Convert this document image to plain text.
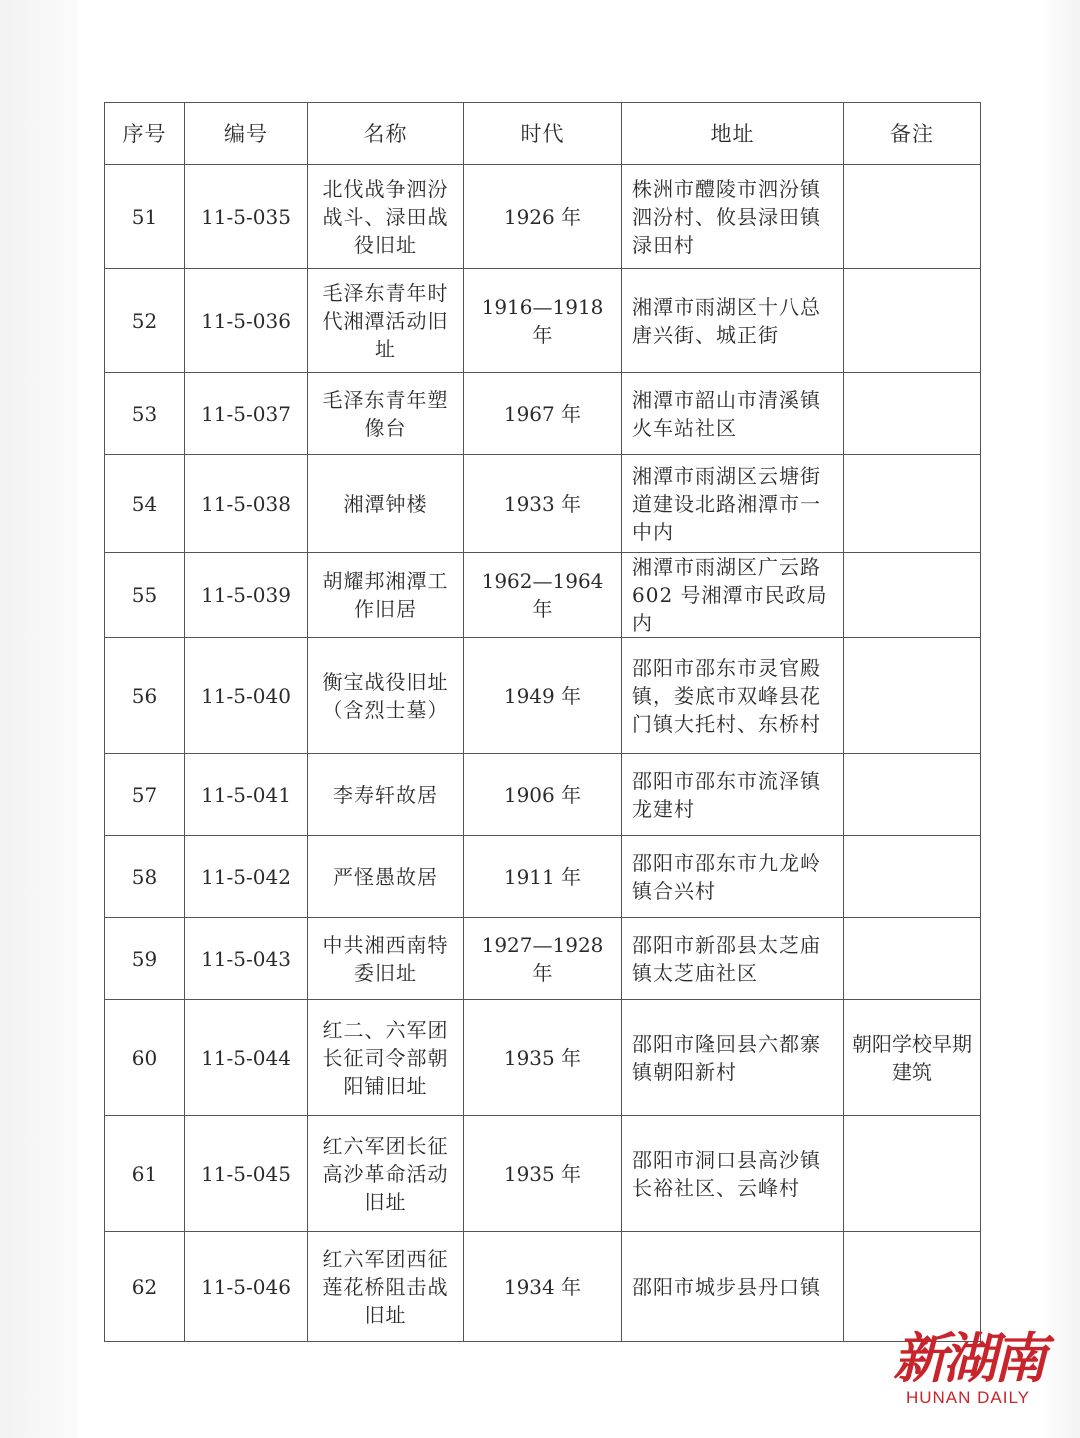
序号	编号	名称	时代	地址	备注
51	11-5-035	北伐战争泗汾战斗、渌田战役旧址	1926 年	株洲市醴陵市泗汾镇泗汾村、攸县渌田镇渌田村	
52	11-5-036	毛泽东青年时代湘潭活动旧址	1916—1918 年	湘潭市雨湖区十八总唐兴街、城正街	
53	11-5-037	毛泽东青年塑像台	1967 年	湘潭市韶山市清溪镇火车站社区	
54	11-5-038	湘潭钟楼	1933 年	湘潭市雨湖区云塘街道建设北路湘潭市一中内	
55	11-5-039	胡耀邦湘潭工作旧居	1962—1964 年	湘潭市雨湖区广云路602 号湘潭市民政局内	
56	11-5-040	衡宝战役旧址（含烈士墓）	1949 年	邵阳市邵东市灵官殿镇，娄底市双峰县花门镇大托村、东桥村	
57	11-5-041	李寿轩故居	1906 年	邵阳市邵东市流泽镇龙建村	
58	11-5-042	严怪愚故居	1911 年	邵阳市邵东市九龙岭镇合兴村	
59	11-5-043	中共湘西南特委旧址	1927—1928 年	邵阳市新邵县太芝庙镇太芝庙社区	
60	11-5-044	红二、六军团长征司令部朝阳铺旧址	1935 年	邵阳市隆回县六都寨镇朝阳新村	朝阳学校早期建筑
61	11-5-045	红六军团长征高沙革命活动旧址	1935 年	邵阳市洞口县高沙镇长裕社区、云峰村	
62	11-5-046	红六军团西征莲花桥阻击战旧址	1934 年	邵阳市城步县丹口镇	
新湖南
HUNAN DAILY
